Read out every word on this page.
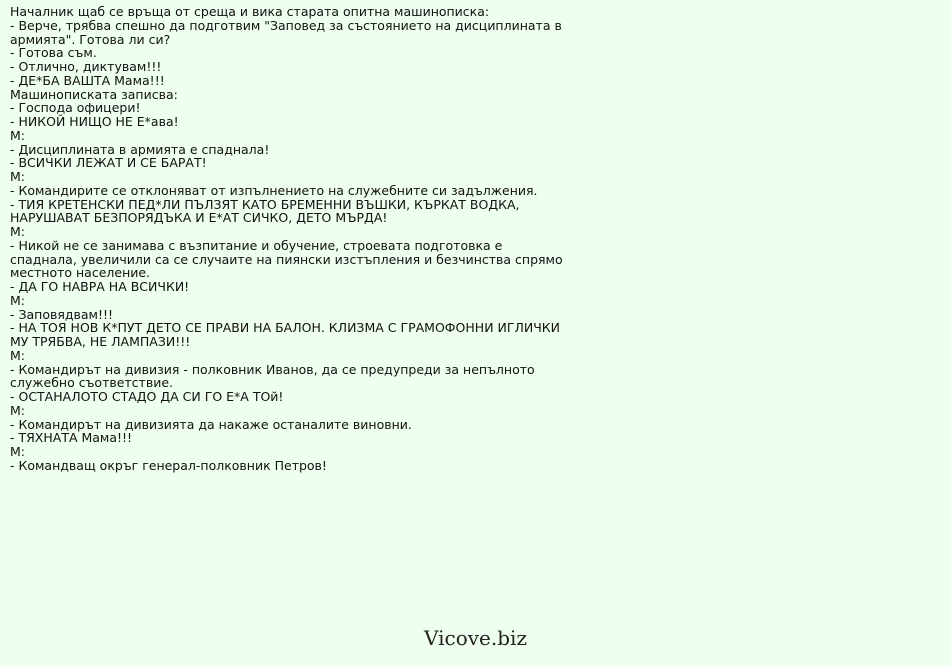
Началник щаб се връща от среща и вика старата опитна машинописка:
- Верче, трябва спешно да подготвим "Заповед за състоянието на дисциплината в армията". Готова ли си?
- Готова съм.
- Отлично, диктувам!!!
- ДЕ*БА ВАШТА Мама!!!
Машинописката записва:
- Господа офицери!
- НИКОЙ НИЩО НЕ Е*ава!
М:
- Дисциплината в армията е спаднала!
- ВСИЧКИ ЛЕЖАТ И СЕ БАРАТ!
М:
- Командирите се отклоняват от изпълнението на служебните си задължения.
- ТИЯ КРЕТЕНСКИ ПЕД*ЛИ ПЪЛЗЯТ КАТО БРЕМЕННИ ВЪШКИ, КЪРКАТ ВОДКА, НАРУШАВАТ БЕЗПОРЯДЪКА И Е*АТ СИЧКО, ДЕТО МЪРДА!
М:
- Никой не се занимава с възпитание и обучение, строевата подготовка е спаднала, увеличили са се случаите на пиянски изстъпления и безчинства спрямо местното население.
- ДА ГО НАВРА НА ВСИЧКИ!
М:
- Заповядвам!!!
- НА ТОЯ НОВ К*ПУТ ДЕТО СЕ ПРАВИ НА БАЛОН. КЛИЗМА С ГРАМОФОННИ ИГЛИЧКИ
МУ ТРЯБВА, НЕ ЛАМПАЗИ!!!
М:
- Командирът на дивизия - полковник Иванов, да се предупреди за непълното служебно съответствие.
- ОСТАНАЛОТО СТАДО ДА СИ ГО Е*А ТОй!
М:
- Командирът на дивизията да накаже останалите виновни.
- ТЯХНАТА Мама!!!
М:
- Командващ окръг генерал-полковник Петров!
Vicove.biz
